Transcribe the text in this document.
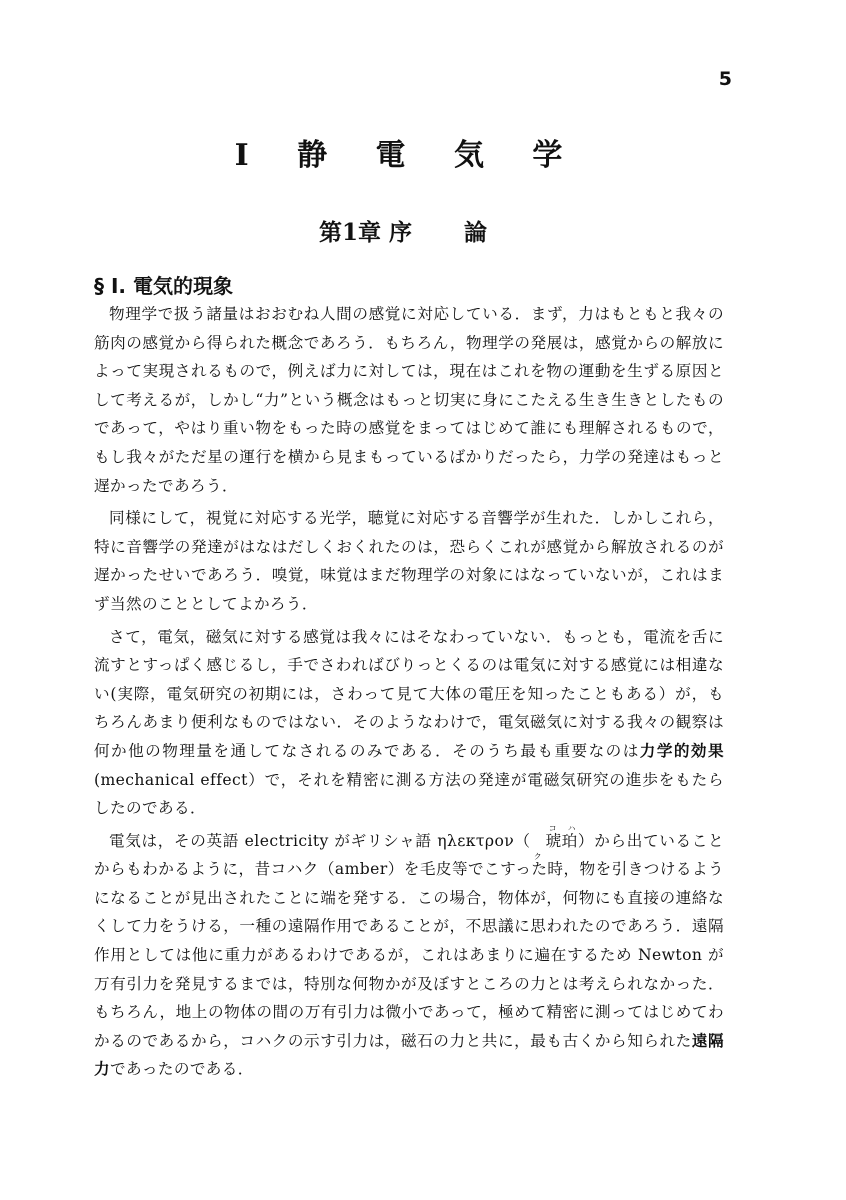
5
I 静 電 気 学
第1章 序 論
§ I. 電気的現象

物理学で扱う諸量はおおむね人間の感覚に対応している．まず，力はもともと我々の筋肉の感覚から得られた概念であろう．もちろん，物理学の発展は，感覚からの解放によって実現されるもので，例えば力に対しては，現在はこれを物の運動を生ずる原因として考えるが，しかし“力”という概念はもっと切実に身にこたえる生き生きとしたものであって，やはり重い物をもった時の感覚をまってはじめて誰にも理解されるもので，もし我々がただ星の運行を横から見まもっているばかりだったら，力学の発達はもっと遅かったであろう．

同様にして，視覚に対応する光学，聴覚に対応する音響学が生れた．しかしこれら，特に音響学の発達がはなはだしくおくれたのは，恐らくこれが感覚から解放されるのが遅かったせいであろう．嗅覚，味覚はまだ物理学の対象にはなっていないが，これはまず当然のこととしてよかろう．

さて，電気，磁気に対する感覚は我々にはそなわっていない．もっとも，電流を舌に流すとすっぱく感じるし，手でさわればびりっとくるのは電気に対する感覚には相違ない(実際，電気研究の初期には，さわって見て大体の電圧を知ったこともある）が，もちろんあまり便利なものではない．そのようなわけで，電気磁気に対する我々の観察は何か他の物理量を通してなされるのみである．そのうち最も重要なのは力学的効果(mechanical effect）で，それを精密に測る方法の発達が電磁気研究の進歩をもたらしたのである．

電気は，その英語 electricity がギリシャ語 ηλεκτρον（
コハク
琥珀）から出ていることからもわかるように，昔コハク（amber）を毛皮等でこすった時，物を引きつけるようになることが見出されたことに端を発する．この場合，物体が，何物にも直接の連絡なくして力をうける，一種の遠隔作用であることが，不思議に思われたのであろう．遠隔作用としては他に重力があるわけであるが，これはあまりに遍在するため Newton が万有引力を発見するまでは，特別な何物かが及ぼすところの力とは考えられなかった．もちろん，地上の物体の間の万有引力は微小であって，極めて精密に測ってはじめてわかるのであるから，コハクの示す引力は，磁石の力と共に，最も古くから知られた遠隔力であったのである．
